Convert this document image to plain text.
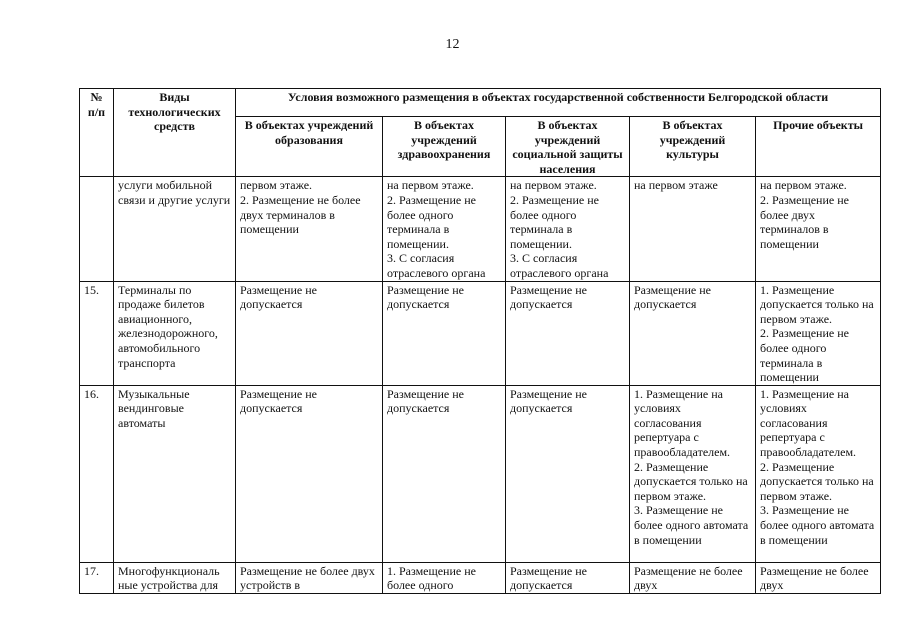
12
№ п/п	Виды технологических средств	Условия возможного размещения в объектах государственной собственности Белгородской области				
		В объектах учреждений образования	В объектах учреждений здравоохранения	В объектах учреждений социальной защиты населения	В объектах учреждений культуры	Прочие объекты
	услуги мобильной связи и другие услуги	первом этаже.
2. Размещение не более двух терминалов в помещении	на первом этаже.
2. Размещение не более одного терминала в помещении.
3. С согласия отраслевого органа	на первом этаже.
2. Размещение не более одного терминала в помещении.
3. С согласия отраслевого органа	на первом этаже	на первом этаже.
2. Размещение не более двух терминалов в помещении
15.	Терминалы по продаже билетов авиационного, железнодорожного, автомобильного транспорта	Размещение не допускается	Размещение не допускается	Размещение не допускается	Размещение не допускается	1. Размещение допускается только на первом этаже.
2. Размещение не более одного терминала в помещении
16.	Музыкальные вендинговые автоматы	Размещение не допускается	Размещение не допускается	Размещение не допускается	1. Размещение на условиях согласования репертуара с правообладателем.
2. Размещение допускается только на первом этаже.
3. Размещение не более одного автомата в помещении	1. Размещение на условиях согласования репертуара с правообладателем.
2. Размещение допускается только на первом этаже.
3. Размещение не более одного автомата в помещении
17.	Многофункциональ ные устройства для	Размещение не более двух устройств в	1. Размещение не более одного	Размещение не допускается	Размещение не более двух	Размещение не более двух
